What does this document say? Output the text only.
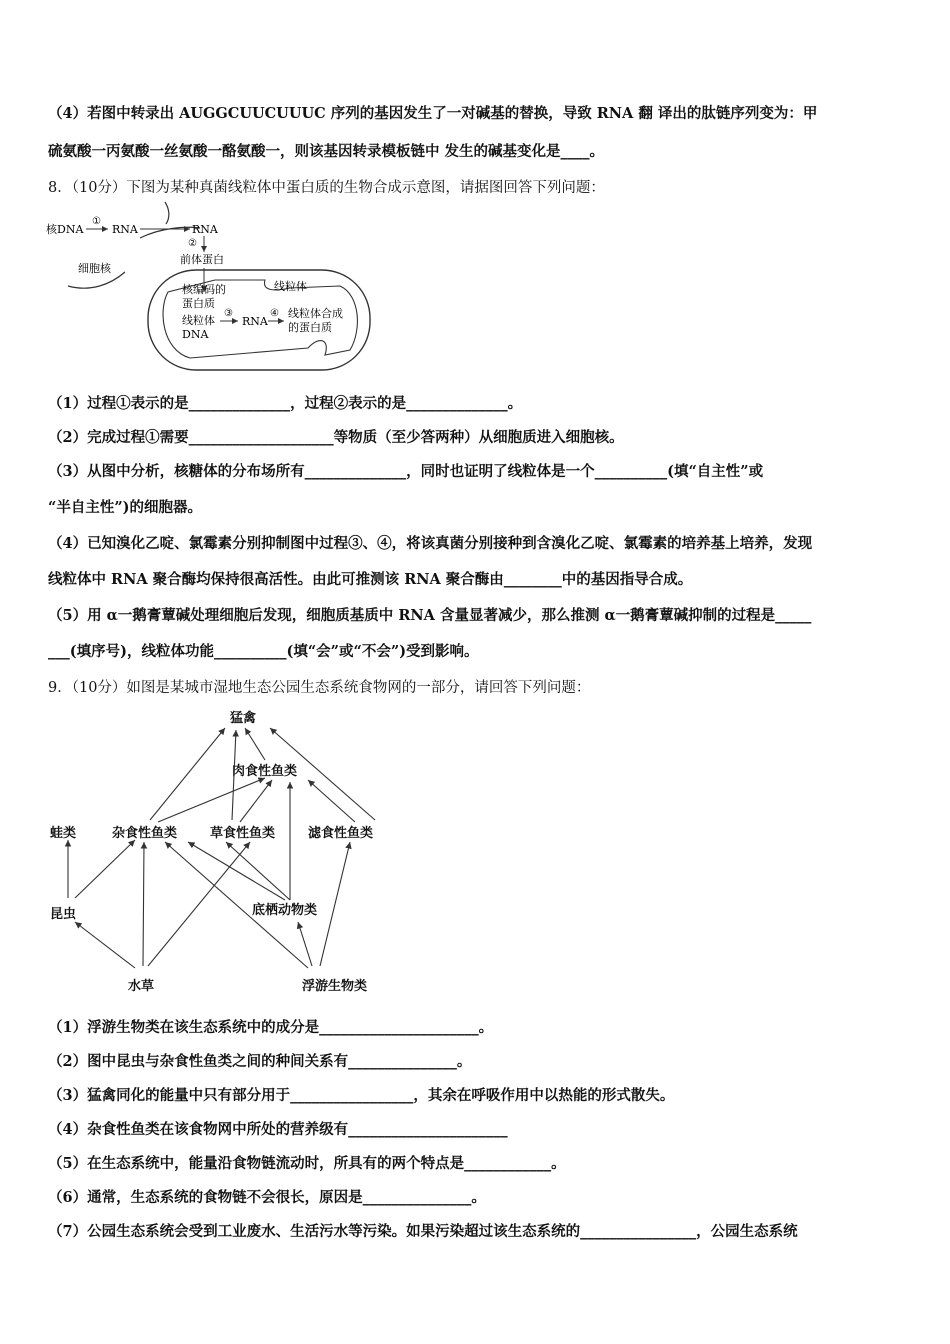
（4）若图中转录出 AUGGCUUCUUUC 序列的基因发生了一对碱基的替换，导致 RNA 翻 译出的肽链序列变为：甲
硫氨酸一丙氨酸一丝氨酸一酪氨酸一，则该基因转录模板链中 发生的碱基变化是____。
8．（10分）下图为某种真菌线粒体中蛋白质的生物合成示意图，请据图回答下列问题：
核DNA
①
RNA	RNA
②
前体蛋白
细胞核
线粒体
核编码的
蛋白质
线粒体
DNA
③
RNA
④ 线粒体合成
的蛋白质
（1）过程①表示的是______________，过程②表示的是______________。
（2）完成过程①需要____________________等物质（至少答两种）从细胞质进入细胞核。
（3）从图中分析，核糖体的分布场所有______________，同时也证明了线粒体是一个__________(填“自主性”或
“半自主性”)的细胞器。
（4）已知溴化乙啶、氯霉素分别抑制图中过程③、④，将该真菌分别接种到含溴化乙啶、氯霉素的培养基上培养，发现
线粒体中 RNA 聚合酶均保持很高活性。由此可推测该 RNA 聚合酶由________中的基因指导合成。
（5）用 α一鹅膏蕈碱处理细胞后发现，细胞质基质中 RNA 含量显著减少，那么推测 α一鹅膏蕈碱抑制的过程是_____
___(填序号)，线粒体功能__________(填“会”或“不会”)受到影响。
9．（10分）如图是某城市湿地生态公园生态系统食物网的一部分，请回答下列问题：
猛禽
肉食性鱼类
蛙类	杂食性鱼类	草食性鱼类	滤食性鱼类
昆虫	底栖动物类
水草	浮游生物类
（1）浮游生物类在该生态系统中的成分是______________________。
（2）图中昆虫与杂食性鱼类之间的种间关系有_______________。
（3）猛禽同化的能量中只有部分用于_________________，其余在呼吸作用中以热能的形式散失。
（4）杂食性鱼类在该食物网中所处的营养级有______________________
（5）在生态系统中，能量沿食物链流动时，所具有的两个特点是____________。
（6）通常，生态系统的食物链不会很长，原因是_______________。
（7）公园生态系统会受到工业废水、生活污水等污染。如果污染超过该生态系统的________________，公园生态系统
